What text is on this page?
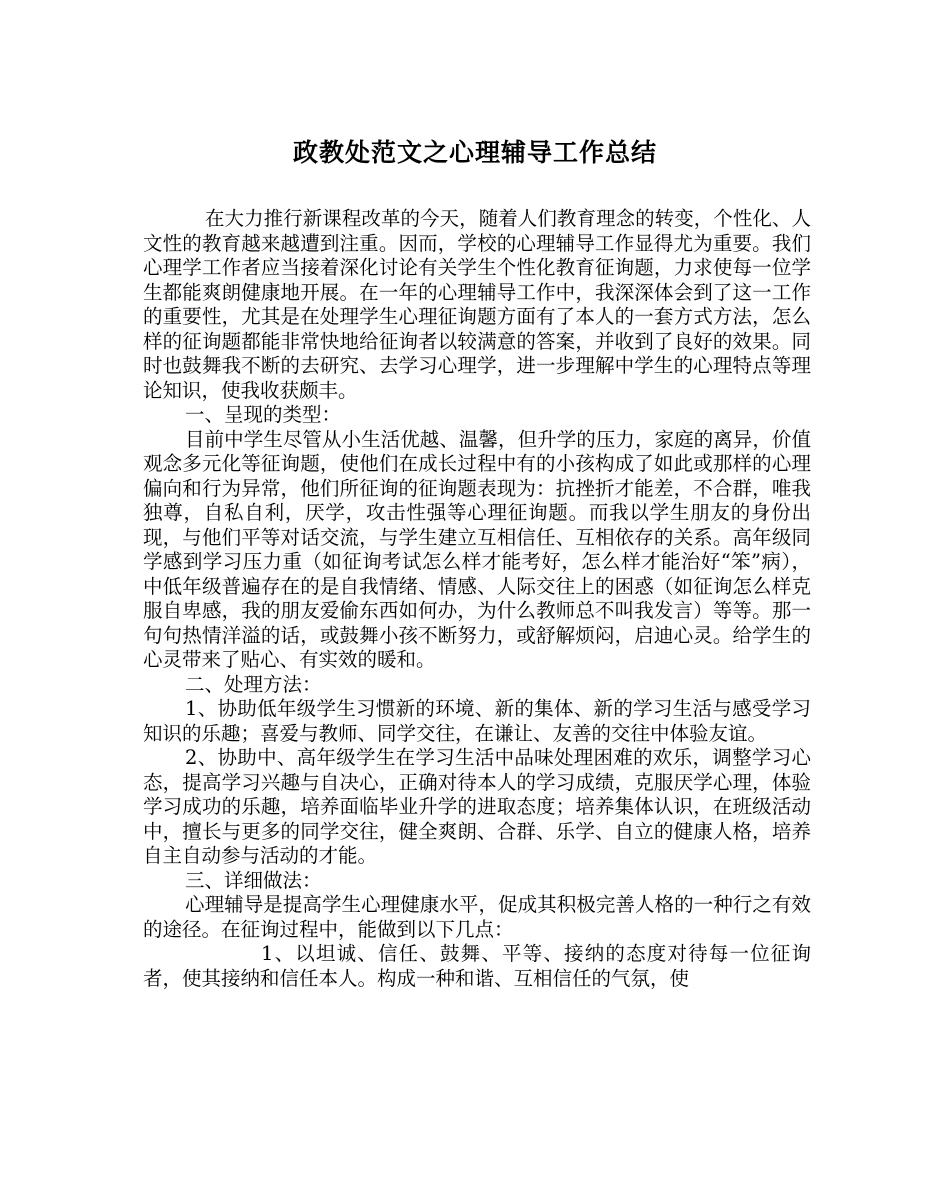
政教处范文之心理辅导工作总结

在大力推行新课程改革的今天，随着人们教育理念的转变，个性化、人文性的教育越来越遭到注重。因而，学校的心理辅导工作显得尤为重要。我们心理学工作者应当接着深化讨论有关学生个性化教育征询题，力求使每一位学生都能爽朗健康地开展。在一年的心理辅导工作中，我深深体会到了这一工作的重要性，尤其是在处理学生心理征询题方面有了本人的一套方式方法，怎么样的征询题都能非常快地给征询者以较满意的答案，并收到了良好的效果。同时也鼓舞我不断的去研究、去学习心理学，进一步理解中学生的心理特点等理论知识，使我收获颇丰。

一、呈现的类型：

目前中学生尽管从小生活优越、温馨，但升学的压力，家庭的离异，价值观念多元化等征询题，使他们在成长过程中有的小孩构成了如此或那样的心理偏向和行为异常，他们所征询的征询题表现为：抗挫折才能差，不合群，唯我独尊，自私自利，厌学，攻击性强等心理征询题。而我以学生朋友的身份出现，与他们平等对话交流，与学生建立互相信任、互相依存的关系。高年级同学感到学习压力重（如征询考试怎么样才能考好，怎么样才能治好“笨”病），中低年级普遍存在的是自我情绪、情感、人际交往上的困惑（如征询怎么样克服自卑感，我的朋友爱偷东西如何办，为什么教师总不叫我发言）等等。那一句句热情洋溢的话，或鼓舞小孩不断努力，或舒解烦闷，启迪心灵。给学生的心灵带来了贴心、有实效的暖和。

二、处理方法：

1、协助低年级学生习惯新的环境、新的集体、新的学习生活与感受学习知识的乐趣；喜爱与教师、同学交往，在谦让、友善的交往中体验友谊。

2、协助中、高年级学生在学习生活中品味处理困难的欢乐，调整学习心态，提高学习兴趣与自决心，正确对待本人的学习成绩，克服厌学心理，体验学习成功的乐趣，培养面临毕业升学的进取态度；培养集体认识，在班级活动中，擅长与更多的同学交往，健全爽朗、合群、乐学、自立的健康人格，培养自主自动参与活动的才能。

三、详细做法：

心理辅导是提高学生心理健康水平，促成其积极完善人格的一种行之有效的途径。在征询过程中，能做到以下几点：

1、以坦诚、信任、鼓舞、平等、接纳的态度对待每一位征询者，使其接纳和信任本人。构成一种和谐、互相信任的气氛，使
